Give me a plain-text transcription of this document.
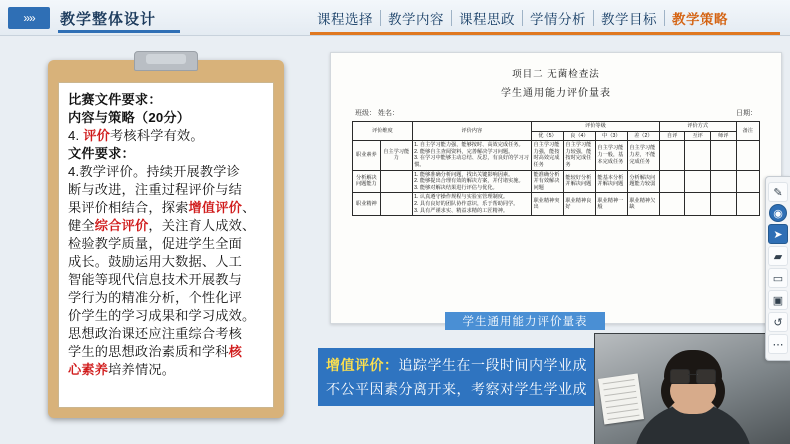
»» 教学整体设计	课程选择	教学内容	课程思政	学情分析	教学目标	教学策略

比赛文件要求：

内容与策略（20分）

4. 评价考核科学有效。

文件要求：

4.教学评价。持续开展教学诊

断与改进，注重过程评价与结

果评价相结合，探索增值评价、

健全综合评价，关注育人成效、

检验教学质量，促进学生全面

成长。鼓励运用大数据、人工

智能等现代信息技术开展教与

学行为的精准分析，个性化评

价学生的学习成果和学习成效。

思想政治课还应注重综合考核

学生的思想政治素质和学科核

心素养培养情况。

项目二 无菌检查法
学生通用能力评价量表
班级： 姓名：	日期：
评价维度		评价内容	评价等级				评价方式			备注
			优（5）	良（4）	中（3）	差（2）	自评	互评	师评	
职业素养	自主学习能力	1. 自主学习能力强，能够按时、高效完成任务。
2. 能够自主查阅资料，完善解决学习问题。
3. 在学习中能够主动总结、反思，有良好的学习习惯。	自主学习能力强，能按时高效完成任务	自主学习能力较强，能按时完成任务	自主学习能力一般，基本完成任务	自主学习能力差，不能完成任务				
分析解决问题能力		1. 能够准确分析问题，找出关键影响因素。
2. 能够提出合理有效的解决方案，并付诸实施。
3. 能够对解决结果进行评估与优化。	能准确分析并有效解决问题	能较好分析并解决问题	能基本分析并解决问题	分析解决问题能力较弱				
职业精神		1. 认真遵守操作规程与实验室管理制度。
2. 具有良好的团队协作意识，乐于帮助同学。
3. 具有严谨求实、精益求精的工匠精神。	职业精神突出	职业精神良好	职业精神一般	职业精神欠缺				
学生通用能力评价量表
增值评价：追踪学生在一段时间内学业成
不公平因素分离开来，考察对学生学业成
✎
◉
➤
▰
▭
▣
↺
⋯
